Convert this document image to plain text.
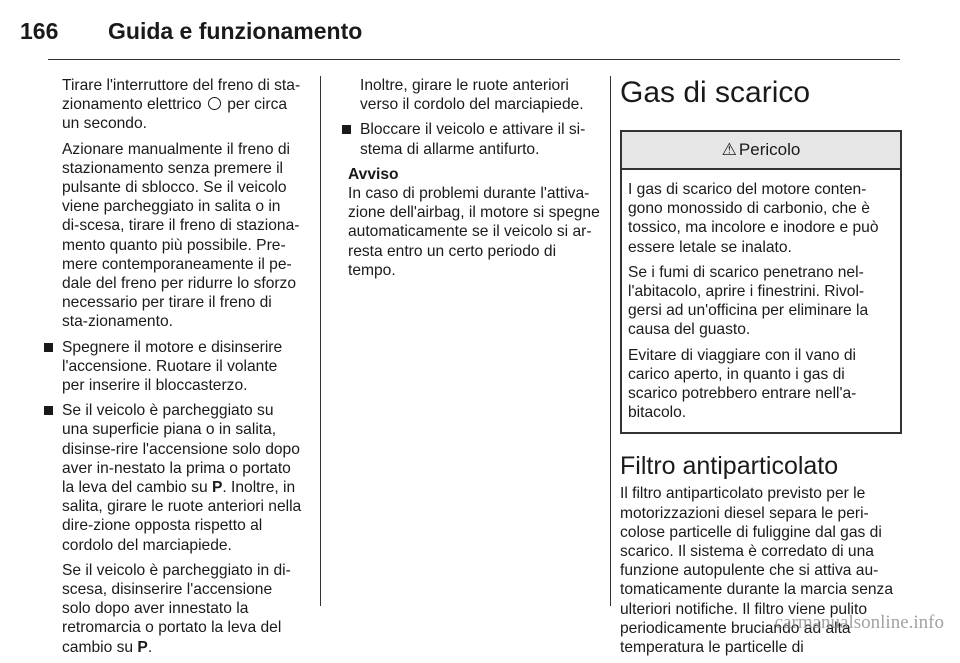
166	Guida e funzionamento

Tirare l'interruttore del freno di sta-zionamento elettrico per circa un secondo.

Azionare manualmente il freno di stazionamento senza premere il pulsante di sblocco. Se il veicolo viene parcheggiato in salita o in di-scesa, tirare il freno di staziona-mento quanto più possibile. Pre-mere contemporaneamente il pe-dale del freno per ridurre lo sforzo necessario per tirare il freno di sta-zionamento.

Spegnere il motore e disinserire l'accensione. Ruotare il volante per inserire il bloccasterzo.

Se il veicolo è parcheggiato su una superficie piana o in salita, disinse-rire l'accensione solo dopo aver in-nestato la prima o portato la leva del cambio su P. Inoltre, in salita, girare le ruote anteriori nella dire-zione opposta rispetto al cordolo del marciapiede.

Se il veicolo è parcheggiato in di-scesa, disinserire l'accensione solo dopo aver innestato la retromarcia o portato la leva del cambio su P.

Inoltre, girare le ruote anteriori verso il cordolo del marciapiede.

Bloccare il veicolo e attivare il si-stema di allarme antifurto.

Avviso
In caso di problemi durante l'attiva-zione dell'airbag, il motore si spegne automaticamente se il veicolo si ar-resta entro un certo periodo di tempo.
Gas di scarico
⚠ Pericolo

I gas di scarico del motore conten-gono monossido di carbonio, che è tossico, ma incolore e inodore e può essere letale se inalato.

Se i fumi di scarico penetrano nel-l'abitacolo, aprire i finestrini. Rivol-gersi ad un'officina per eliminare la causa del guasto.

Evitare di viaggiare con il vano di carico aperto, in quanto i gas di scarico potrebbero entrare nell'a-bitacolo.

Filtro antiparticolato

Il filtro antiparticolato previsto per le motorizzazioni diesel separa le peri-colose particelle di fuliggine dal gas di scarico. Il sistema è corredato di una funzione autopulente che si attiva au-tomaticamente durante la marcia senza ulteriori notifiche. Il filtro viene pulito periodicamente bruciando ad alta temperatura le particelle di

carmanualsonline.info
